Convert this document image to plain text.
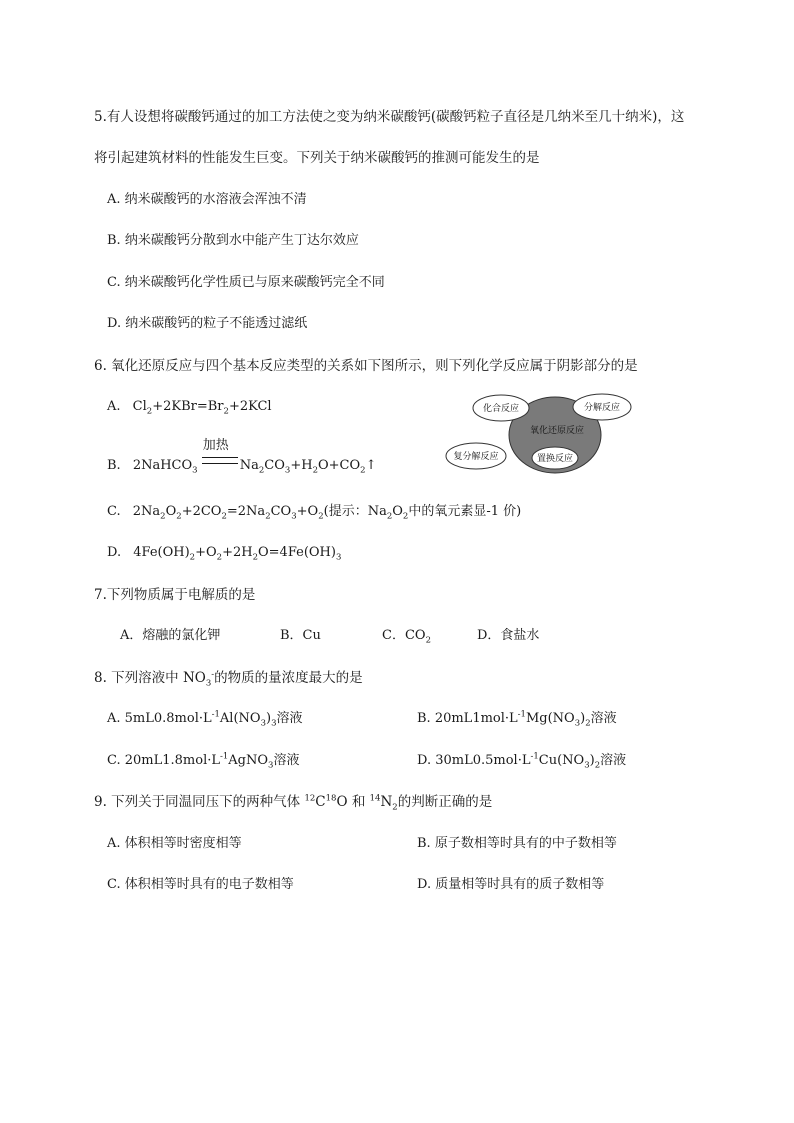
5.有人设想将碳酸钙通过的加工方法使之变为纳米碳酸钙(碳酸钙粒子直径是几纳米至几十纳米)，这
将引起建筑材料的性能发生巨变。下列关于纳米碳酸钙的推测可能发生的是
A. 纳米碳酸钙的水溶液会浑浊不清
B. 纳米碳酸钙分散到水中能产生丁达尔效应
C. 纳米碳酸钙化学性质已与原来碳酸钙完全不同
D. 纳米碳酸钙的粒子不能透过滤纸
6. 氧化还原反应与四个基本反应类型的关系如下图所示，则下列化学反应属于阴影部分的是
A. $Cl_2+2KBr=Br_2+2KCl$
B. 2NaHCO$_3$
加热
$Na_2CO_3+H_2O+CO_2↑$
C. $2Na_2O_2+2CO_2=2Na_2CO_3+O_2$(提示：$Na_2O_2$中的氧元素显-1 价)
D. $4Fe(OH)_2+O_2+2H_2O=4Fe(OH)_3$
化合反应	分解反应
氧化还原反应
复分解反应	置换反应
7.下列物质属于电解质的是
A．熔融的氯化钾	B．Cu	C．$CO_2$	D．食盐水
8. 下列溶液中 $NO_3^-$的物质的量浓度最大的是
A. $5mL0.8mol\cdot L^{-1}Al(NO_3)_3$溶液	B. $20mL1mol\cdot L^{-1}Mg(NO_3)_2$溶液
C. $20mL1.8mol\cdot L^{-1}AgNO_3$溶液	D. $30mL0.5mol\cdot L^{-1}Cu(NO_3)_2$溶液
9. 下列关于同温同压下的两种气体 $^{12}C^{18}O$ 和 $^{14}N_2$的判断正确的是
A. 体积相等时密度相等	B. 原子数相等时具有的中子数相等
C. 体积相等时具有的电子数相等	D. 质量相等时具有的质子数相等
